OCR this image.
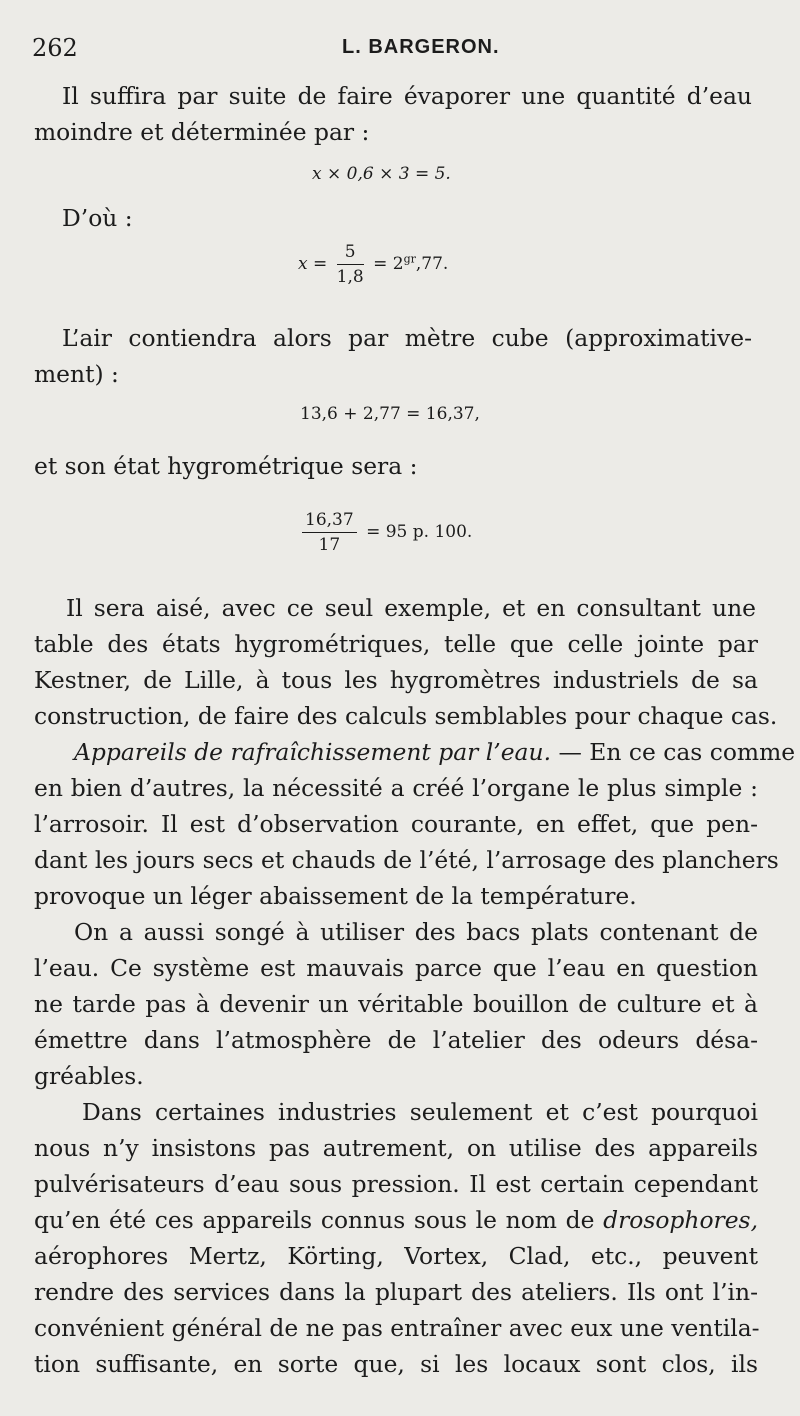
262	L. BARGERON.
Il suffira par suite de faire évaporer une quantité d’eau
moindre et déterminée par :
x × 0,6 × 3 = 5.
D’où :
$x = \frac{5}{1,8} = 2^{gr},77$.
L’air contiendra alors par mètre cube (approximative-
ment) :
13,6 + 2,77 = 16,37,
et son état hygrométrique sera :
$\frac{16,37}{17} = 95$ p. 100.
Il sera aisé, avec ce seul exemple, et en consultant une
table des états hygrométriques, telle que celle jointe par
Kestner, de Lille, à tous les hygromètres industriels de sa
construction, de faire des calculs semblables pour chaque cas.
Appareils de rafraîchissement par l’eau. — En ce cas comme
en bien d’autres, la nécessité a créé l’organe le plus simple :
l’arrosoir. Il est d’observation courante, en effet, que pen-
dant les jours secs et chauds de l’été, l’arrosage des planchers
provoque un léger abaissement de la température.
On a aussi songé à utiliser des bacs plats contenant de
l’eau. Ce système est mauvais parce que l’eau en question
ne tarde pas à devenir un véritable bouillon de culture et à
émettre dans l’atmosphère de l’atelier des odeurs désa-
gréables.
Dans certaines industries seulement et c’est pourquoi
nous n’y insistons pas autrement, on utilise des appareils
pulvérisateurs d’eau sous pression. Il est certain cependant
qu’en été ces appareils connus sous le nom de drosophores,
aérophores Mertz, Körting, Vortex, Clad, etc., peuvent
rendre des services dans la plupart des ateliers. Ils ont l’in-
convénient général de ne pas entraîner avec eux une ventila-
tion suffisante, en sorte que, si les locaux sont clos, ils
